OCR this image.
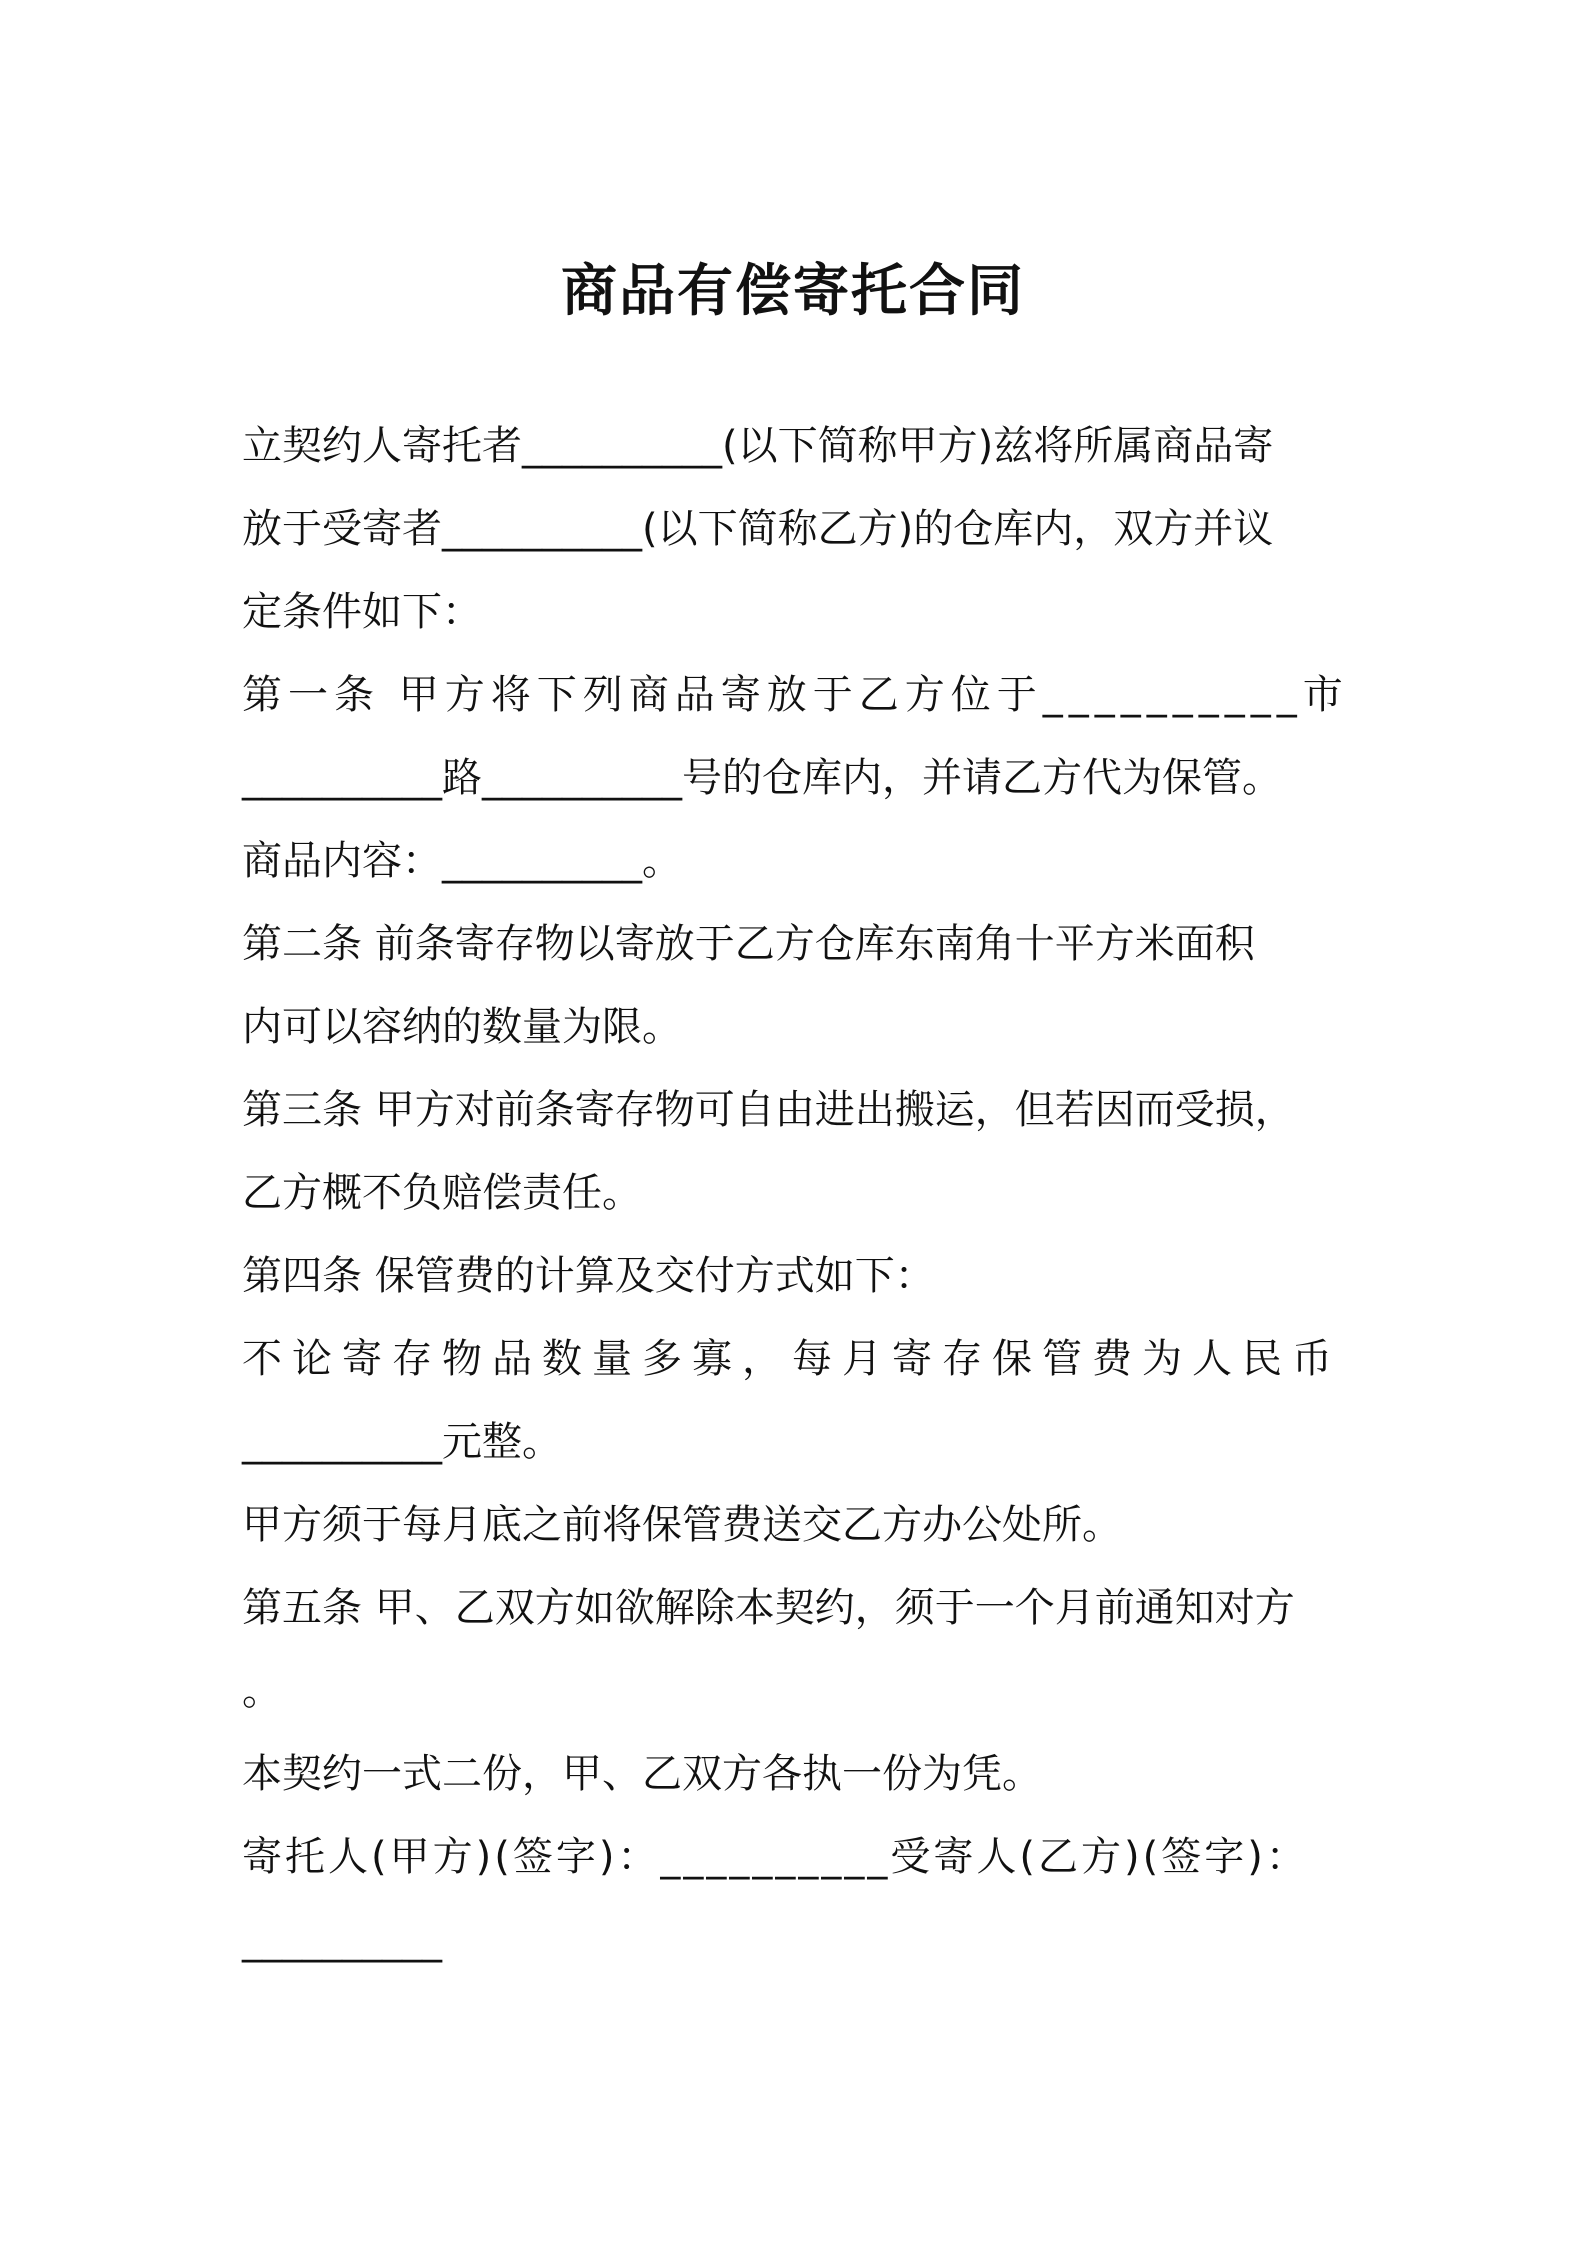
商品有偿寄托合同
立契约人寄托者__________(以下简称甲方)兹将所属商品寄
放于受寄者__________(以下简称乙方)的仓库内，双方并议
定条件如下：
第一条 甲方将下列商品寄放于乙方位于__________市
__________路__________号的仓库内，并请乙方代为保管。
商品内容：__________。
第二条 前条寄存物以寄放于乙方仓库东南角十平方米面积
内可以容纳的数量为限。
第三条 甲方对前条寄存物可自由进出搬运，但若因而受损，
乙方概不负赔偿责任。
第四条 保管费的计算及交付方式如下：
不论寄存物品数量多寡，每月寄存保管费为人民币
__________元整。
甲方须于每月底之前将保管费送交乙方办公处所。
第五条 甲、乙双方如欲解除本契约，须于一个月前通知对方
。
本契约一式二份，甲、乙双方各执一份为凭。
寄托人(甲方)(签字)：__________受寄人(乙方)(签字)：
__________
